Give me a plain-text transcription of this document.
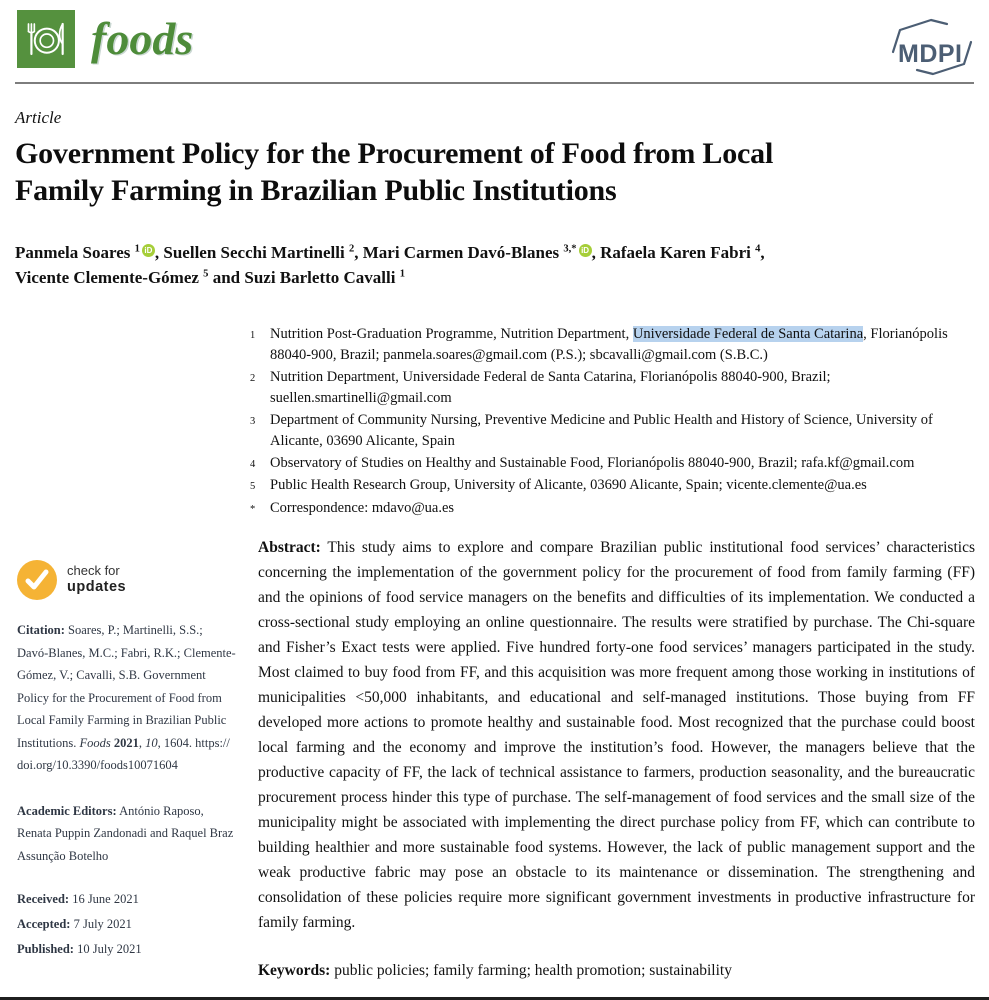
foods	MDPI
Article
Government Policy for the Procurement of Food from Local
Family Farming in Brazilian Public Institutions

Panmela Soares $^1$ iD , Suellen Secchi Martinelli $^2$, Mari Carmen Davó-Blanes $^{3,*}$ iD , Rafaela Karen Fabri $^4$,
Vicente Clemente-Gómez $^5$ and Suzi Barletto Cavalli $^1$

1	Nutrition Post-Graduation Programme, Nutrition Department, Universidade Federal de Santa Catarina, Florianópolis 88040-900, Brazil; panmela.soares@gmail.com (P.S.); sbcavalli@gmail.com (S.B.C.)
2	Nutrition Department, Universidade Federal de Santa Catarina, Florianópolis 88040-900, Brazil; suellen.smartinelli@gmail.com
3	Department of Community Nursing, Preventive Medicine and Public Health and History of Science, University of Alicante, 03690 Alicante, Spain
4	Observatory of Studies on Healthy and Sustainable Food, Florianópolis 88040-900, Brazil; rafa.kf@gmail.com
5	Public Health Research Group, University of Alicante, 03690 Alicante, Spain; vicente.clemente@ua.es
*	Correspondence: mdavo@ua.es

Abstract: This study aims to explore and compare Brazilian public institutional food services’ characteristics concerning the implementation of the government policy for the procurement of food from family farming (FF) and the opinions of food service managers on the benefits and difficulties of its implementation. We conducted a cross-sectional study employing an online questionnaire. The results were stratified by purchase. The Chi-square and Fisher’s Exact tests were applied. Five hundred forty-one food services’ managers participated in the study. Most claimed to buy food from FF, and this acquisition was more frequent among those working in institutions of municipalities <50,000 inhabitants, and educational and self-managed institutions. Those buying from FF developed more actions to promote healthy and sustainable food. Most recognized that the purchase could boost local farming and the economy and improve the institution’s food. However, the managers believe that the productive capacity of FF, the lack of technical assistance to farmers, production seasonality, and the bureaucratic procurement process hinder this type of purchase. The self-management of food services and the small size of the municipality might be associated with implementing the direct purchase policy from FF, which can contribute to building healthier and more sustainable food systems. However, the lack of public management support and the weak productive fabric may pose an obstacle to its maintenance or dissemination. The strengthening and consolidation of these policies require more significant government investments in productive infrastructure for family farming.

Keywords: public policies; family farming; health promotion; sustainability

check for
updates

Citation: Soares, P.; Martinelli, S.S.; Davó-Blanes, M.C.; Fabri, R.K.; Clemente-Gómez, V.; Cavalli, S.B. Government Policy for the Procurement of Food from Local Family Farming in Brazilian Public Institutions. Foods 2021, 10, 1604. https://doi.org/10.3390/foods10071604

Academic Editors: António Raposo, Renata Puppin Zandonadi and Raquel Braz Assunção Botelho

Received: 16 June 2021
Accepted: 7 July 2021
Published: 10 July 2021
